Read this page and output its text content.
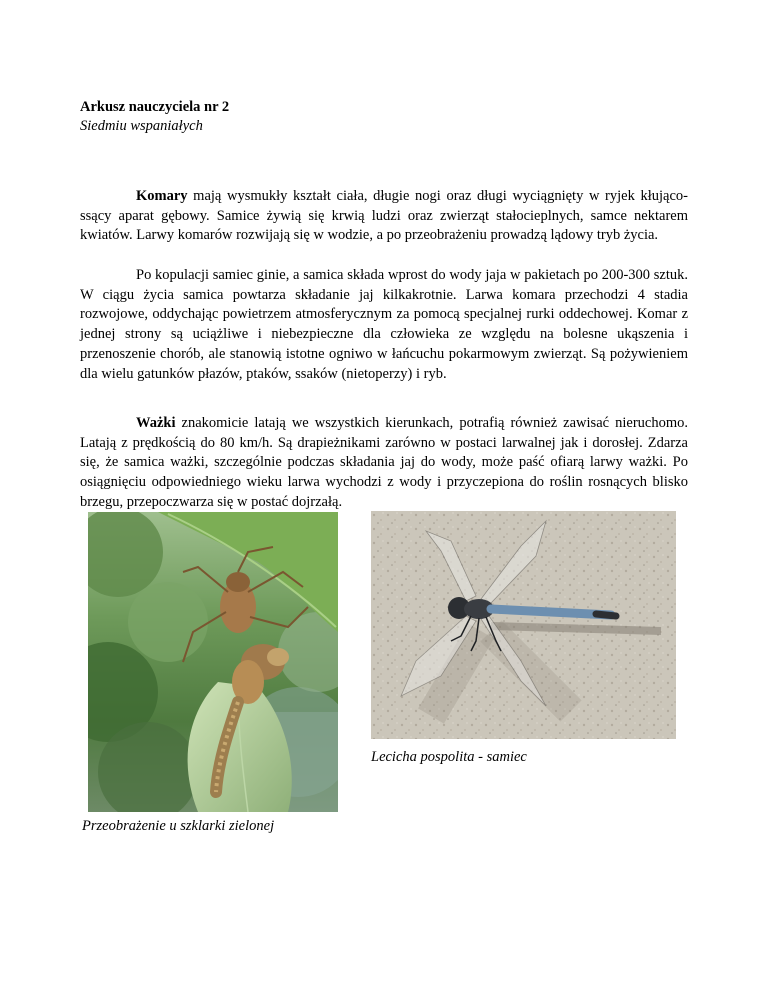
Arkusz nauczyciela nr 2
Siedmiu wspaniałych

Komary mają wysmukły kształt ciała, długie nogi oraz długi wyciągnięty w ryjek kłująco-ssący aparat gębowy. Samice żywią się krwią ludzi oraz zwierząt stałocieplnych, samce nektarem kwiatów. Larwy komarów rozwijają się w wodzie, a po przeobrażeniu prowadzą lądowy tryb życia.

Po kopulacji samiec ginie, a samica składa wprost do wody jaja w pakietach po 200-300 sztuk. W ciągu życia samica powtarza składanie jaj kilkakrotnie. Larwa komara przechodzi 4 stadia rozwojowe, oddychając powietrzem atmosferycznym za pomocą specjalnej rurki oddechowej. Komar z jednej strony są uciążliwe i niebezpieczne dla człowieka ze względu na bolesne ukąszenia i przenoszenie chorób, ale stanowią istotne ogniwo w łańcuchu pokarmowym zwierząt. Są pożywieniem dla wielu gatunków płazów, ptaków, ssaków (nietoperzy) i ryb.

Ważki znakomicie latają we wszystkich kierunkach, potrafią również zawisać nieruchomo. Latają z prędkością do 80 km/h. Są drapieżnikami zarówno w postaci larwalnej jak i dorosłej. Zdarza się, że samica ważki, szczególnie podczas składania jaj do wody, może paść ofiarą larwy ważki. Po osiągnięciu odpowiedniego wieku larwa wychodzi z wody i przyczepiona do roślin rosnących blisko brzegu, przepoczwarza się w postać dojrzałą.

Lecicha pospolita - samiec
Przeobrażenie u szklarki zielonej
